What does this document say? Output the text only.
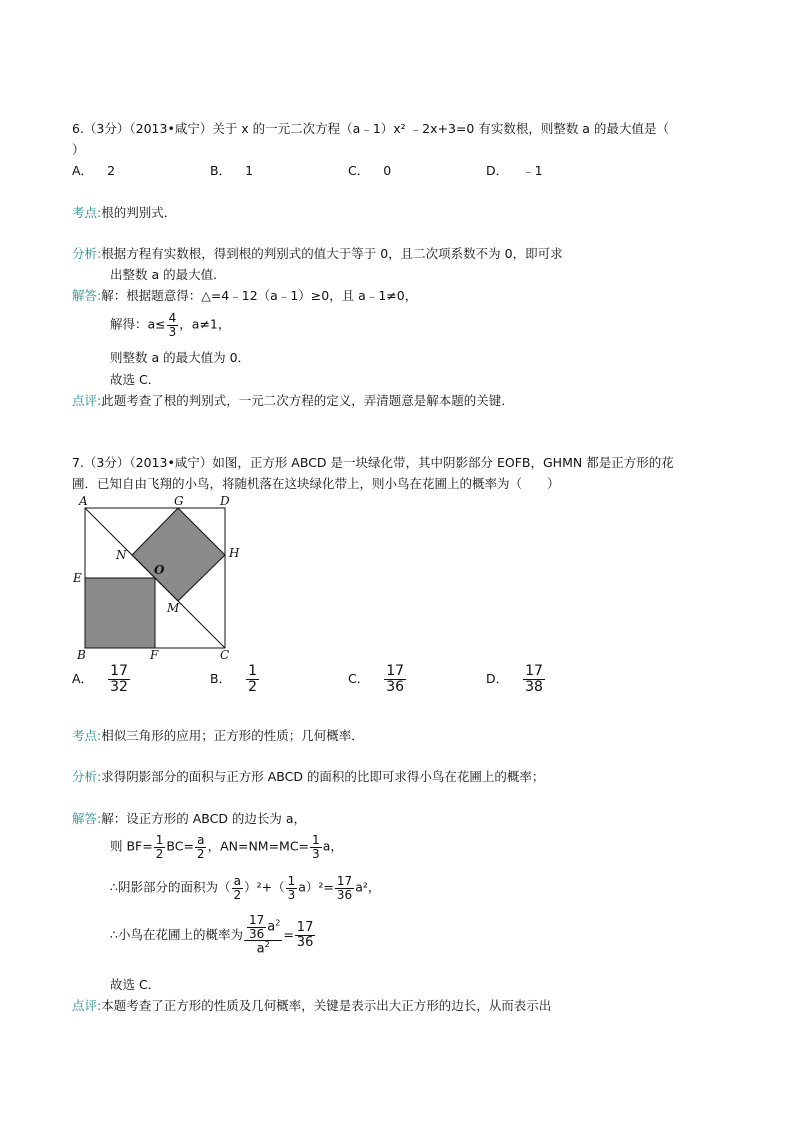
6.（3分）（2013•咸宁）关于 x 的一元二次方程（a﹣1）x² ﹣2x+3=0 有实数根，则整数 a 的最大值是（
）
A． 2	B． 1	C． 0	D． ﹣1
考点:根的判别式．
分析:根据方程有实数根，得到根的判别式的值大于等于 0，且二次项系数不为 0，即可求
出整数 a 的最大值．
解答:解：根据题意得：△=4﹣12（a﹣1）≥0，且 a﹣1≠0，
解得：$a\le \frac{4}{3}$ ，a≠1，
则整数 a 的最大值为 0．
故选 C．
点评:此题考查了根的判别式，一元二次方程的定义，弄清题意是解本题的关键．
7.（3分）（2013•咸宁）如图，正方形 ABCD 是一块绿化带，其中阴影部分 EOFB，GHMN 都是正方形的花
圃．已知自由飞翔的小鸟，将随机落在这块绿化带上，则小鸟在花圃上的概率为（　　）
A	G	D
N	H
O
E
M
B	F	C
A． $\frac{17}{32}$	B． $\frac{1}{2}$	C． $\frac{17}{36}$	D． $\frac{17}{38}$
考点:相似三角形的应用；正方形的性质；几何概率．
分析:求得阴影部分的面积与正方形 ABCD 的面积的比即可求得小鸟在花圃上的概率；
解答:解：设正方形的 ABCD 的边长为 a，
则 $BF= \frac{1}{2} BC= \frac{a}{2}$ ，$AN=NM=MC= \frac{1}{3}$ a，
∴阴影部分的面积为（ $\frac{a}{2} )^2+( \frac{1}{3} a)^2= \frac{17}{36} a^2$，
∴小鸟在花圃上的概率为 $\frac{\frac{17}{36} a^2}{a^2} = \frac{17}{36}$
故选 C．
点评:本题考查了正方形的性质及几何概率，关键是表示出大正方形的边长，从而表示出
